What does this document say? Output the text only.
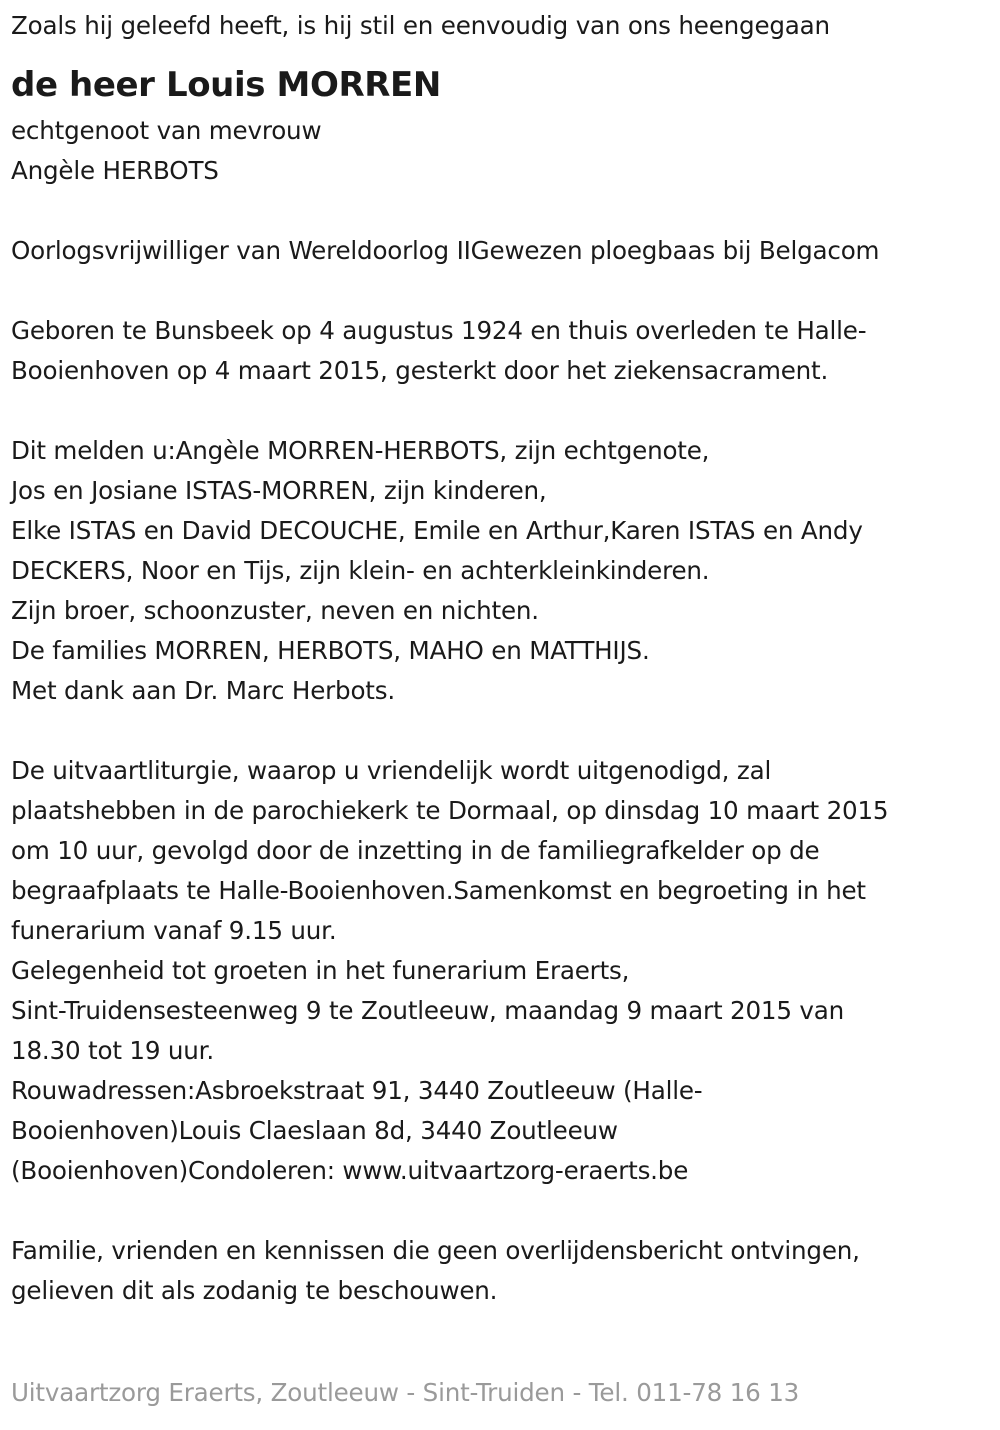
Zoals hij geleefd heeft, is hij stil en eenvoudig van ons heengegaan
de heer Louis MORREN
echtgenoot van mevrouw
Angèle HERBOTS
Oorlogsvrijwilliger van Wereldoorlog IIGewezen ploegbaas bij Belgacom
Geboren te Bunsbeek op 4 augustus 1924 en thuis overleden te Halle-
Booienhoven op 4 maart 2015, gesterkt door het ziekensacrament.
Dit melden u:Angèle MORREN-HERBOTS, zijn echtgenote,
Jos en Josiane ISTAS-MORREN, zijn kinderen,
Elke ISTAS en David DECOUCHE, Emile en Arthur,Karen ISTAS en Andy
DECKERS, Noor en Tijs, zijn klein- en achterkleinkinderen.
Zijn broer, schoonzuster, neven en nichten.
De families MORREN, HERBOTS, MAHO en MATTHIJS.
Met dank aan Dr. Marc Herbots.
De uitvaartliturgie, waarop u vriendelijk wordt uitgenodigd, zal
plaatshebben in de parochiekerk te Dormaal, op dinsdag 10 maart 2015
om 10 uur, gevolgd door de inzetting in de familiegrafkelder op de
begraafplaats te Halle-Booienhoven.Samenkomst en begroeting in het
funerarium vanaf 9.15 uur.
Gelegenheid tot groeten in het funerarium Eraerts,
Sint-Truidensesteenweg 9 te Zoutleeuw, maandag 9 maart 2015 van
18.30 tot 19 uur.
Rouwadressen:Asbroekstraat 91, 3440 Zoutleeuw (Halle-
Booienhoven)Louis Claeslaan 8d, 3440 Zoutleeuw
(Booienhoven)Condoleren: www.uitvaartzorg-eraerts.be
Familie, vrienden en kennissen die geen overlijdensbericht ontvingen,
gelieven dit als zodanig te beschouwen.
Uitvaartzorg Eraerts, Zoutleeuw - Sint-Truiden - Tel. 011-78 16 13
